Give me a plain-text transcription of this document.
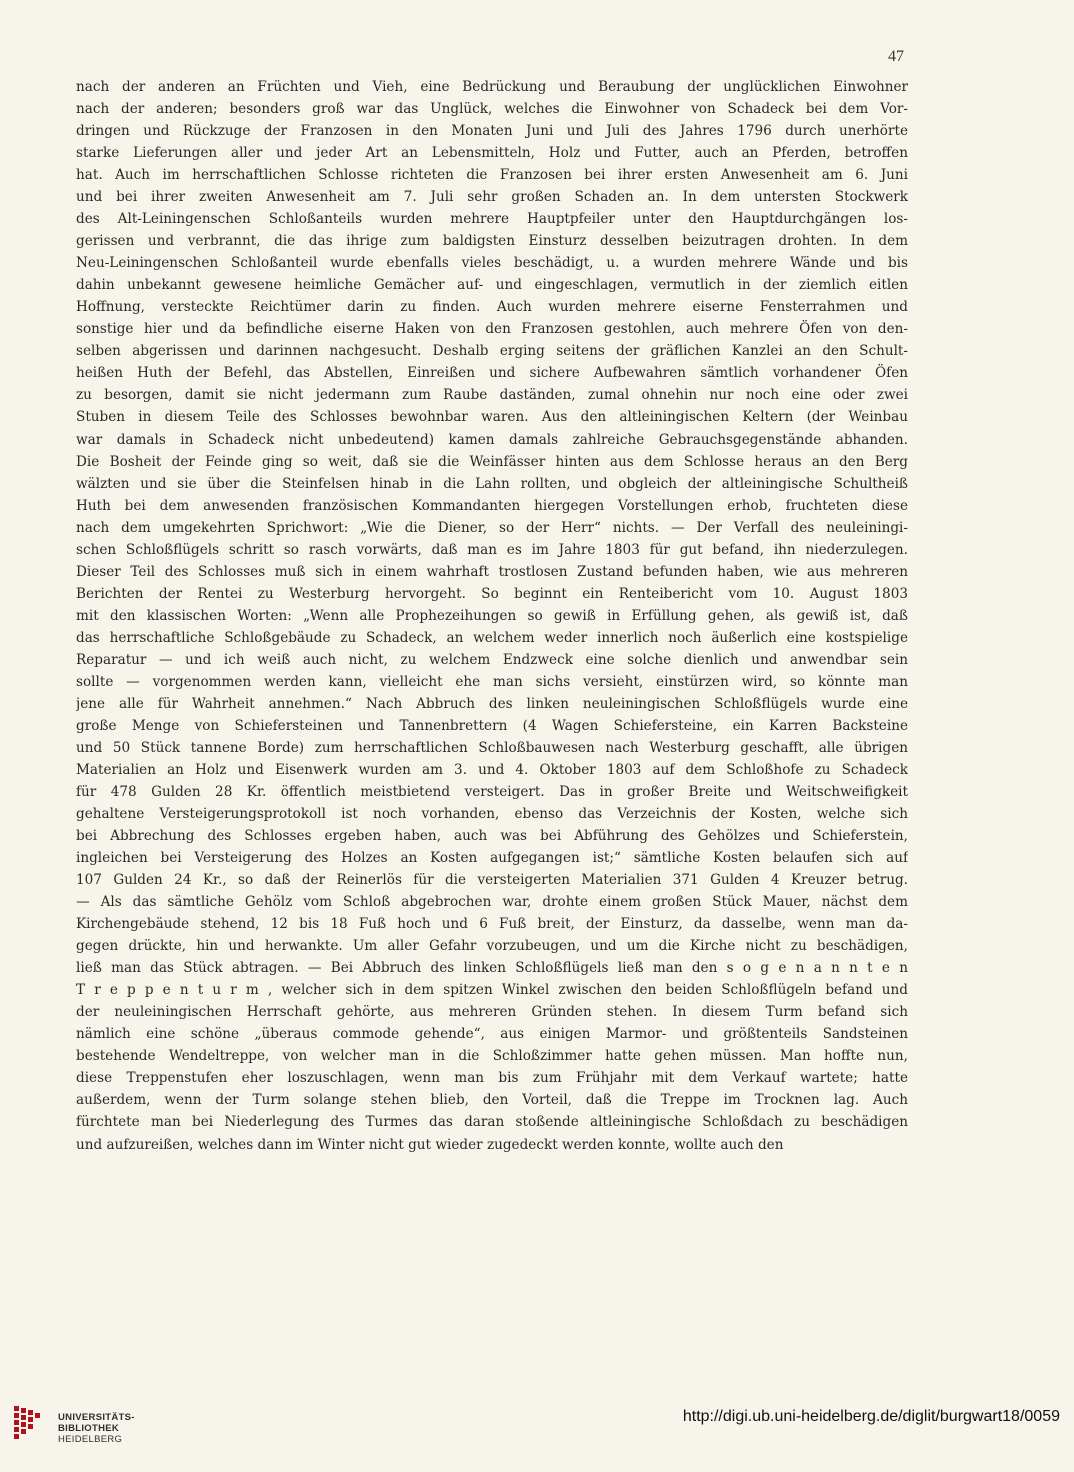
47
nach der anderen an Früchten und Vieh, eine Bedrückung und Beraubung der unglücklichen Einwohner
nach der anderen; besonders groß war das Unglück, welches die Einwohner von Schadeck bei dem Vor-
dringen und Rückzuge der Franzosen in den Monaten Juni und Juli des Jahres 1796 durch unerhörte
starke Lieferungen aller und jeder Art an Lebensmitteln, Holz und Futter, auch an Pferden, betroffen
hat. Auch im herrschaftlichen Schlosse richteten die Franzosen bei ihrer ersten Anwesenheit am 6. Juni
und bei ihrer zweiten Anwesenheit am 7. Juli sehr großen Schaden an. In dem untersten Stockwerk
des Alt-Leiningenschen Schloßanteils wurden mehrere Hauptpfeiler unter den Hauptdurchgängen los-
gerissen und verbrannt, die das ihrige zum baldigsten Einsturz desselben beizutragen drohten. In dem
Neu-Leiningenschen Schloßanteil wurde ebenfalls vieles beschädigt, u. a wurden mehrere Wände und bis
dahin unbekannt gewesene heimliche Gemächer auf- und eingeschlagen, vermutlich in der ziemlich eitlen
Hoffnung, versteckte Reichtümer darin zu finden. Auch wurden mehrere eiserne Fensterrahmen und
sonstige hier und da befindliche eiserne Haken von den Franzosen gestohlen, auch mehrere Öfen von den-
selben abgerissen und darinnen nachgesucht. Deshalb erging seitens der gräflichen Kanzlei an den Schult-
heißen Huth der Befehl, das Abstellen, Einreißen und sichere Aufbewahren sämtlich vorhandener Öfen
zu besorgen, damit sie nicht jedermann zum Raube daständen, zumal ohnehin nur noch eine oder zwei
Stuben in diesem Teile des Schlosses bewohnbar waren. Aus den altleiningischen Keltern (der Weinbau
war damals in Schadeck nicht unbedeutend) kamen damals zahlreiche Gebrauchsgegenstände abhanden.
Die Bosheit der Feinde ging so weit, daß sie die Weinfässer hinten aus dem Schlosse heraus an den Berg
wälzten und sie über die Steinfelsen hinab in die Lahn rollten, und obgleich der altleiningische Schultheiß
Huth bei dem anwesenden französischen Kommandanten hiergegen Vorstellungen erhob, fruchteten diese
nach dem umgekehrten Sprichwort: „Wie die Diener, so der Herr“ nichts. — Der Verfall des neuleiningi-
schen Schloßflügels schritt so rasch vorwärts, daß man es im Jahre 1803 für gut befand, ihn niederzulegen.
Dieser Teil des Schlosses muß sich in einem wahrhaft trostlosen Zustand befunden haben, wie aus mehreren
Berichten der Rentei zu Westerburg hervorgeht. So beginnt ein Renteibericht vom 10. August 1803
mit den klassischen Worten: „Wenn alle Prophezeihungen so gewiß in Erfüllung gehen, als gewiß ist, daß
das herrschaftliche Schloßgebäude zu Schadeck, an welchem weder innerlich noch äußerlich eine kostspielige
Reparatur — und ich weiß auch nicht, zu welchem Endzweck eine solche dienlich und anwendbar sein
sollte — vorgenommen werden kann, vielleicht ehe man sichs versieht, einstürzen wird, so könnte man
jene alle für Wahrheit annehmen.“ Nach Abbruch des linken neuleiningischen Schloßflügels wurde eine
große Menge von Schiefersteinen und Tannenbrettern (4 Wagen Schiefersteine, ein Karren Backsteine
und 50 Stück tannene Borde) zum herrschaftlichen Schloßbauwesen nach Westerburg geschafft, alle übrigen
Materialien an Holz und Eisenwerk wurden am 3. und 4. Oktober 1803 auf dem Schloßhofe zu Schadeck
für 478 Gulden 28 Kr. öffentlich meistbietend versteigert. Das in großer Breite und Weitschweifigkeit
gehaltene Versteigerungsprotokoll ist noch vorhanden, ebenso das Verzeichnis der Kosten, welche sich
bei Abbrechung des Schlosses ergeben haben, auch was bei Abführung des Gehölzes und Schieferstein,
ingleichen bei Versteigerung des Holzes an Kosten aufgegangen ist;“ sämtliche Kosten belaufen sich auf
107 Gulden 24 Kr., so daß der Reinerlös für die versteigerten Materialien 371 Gulden 4 Kreuzer betrug.
— Als das sämtliche Gehölz vom Schloß abgebrochen war, drohte einem großen Stück Mauer, nächst dem
Kirchengebäude stehend, 12 bis 18 Fuß hoch und 6 Fuß breit, der Einsturz, da dasselbe, wenn man da-
gegen drückte, hin und herwankte. Um aller Gefahr vorzubeugen, und um die Kirche nicht zu beschädigen,
ließ man das Stück abtragen. — Bei Abbruch des linken Schloßflügels ließ man den s o g e n a n n t e n
T r e p p e n t u r m , welcher sich in dem spitzen Winkel zwischen den beiden Schloßflügeln befand und
der neuleiningischen Herrschaft gehörte, aus mehreren Gründen stehen. In diesem Turm befand sich
nämlich eine schöne „überaus commode gehende“, aus einigen Marmor- und größtenteils Sandsteinen
bestehende Wendeltreppe, von welcher man in die Schloßzimmer hatte gehen müssen. Man hoffte nun,
diese Treppenstufen eher loszuschlagen, wenn man bis zum Frühjahr mit dem Verkauf wartete; hatte
außerdem, wenn der Turm solange stehen blieb, den Vorteil, daß die Treppe im Trocknen lag. Auch
fürchtete man bei Niederlegung des Turmes das daran stoßende altleiningische Schloßdach zu beschädigen
und aufzureißen, welches dann im Winter nicht gut wieder zugedeckt werden konnte, wollte auch den
UNIVERSITÄTS-
BIBLIOTHEK
HEIDELBERG
http://digi.ub.uni-heidelberg.de/diglit/burgwart18/0059
